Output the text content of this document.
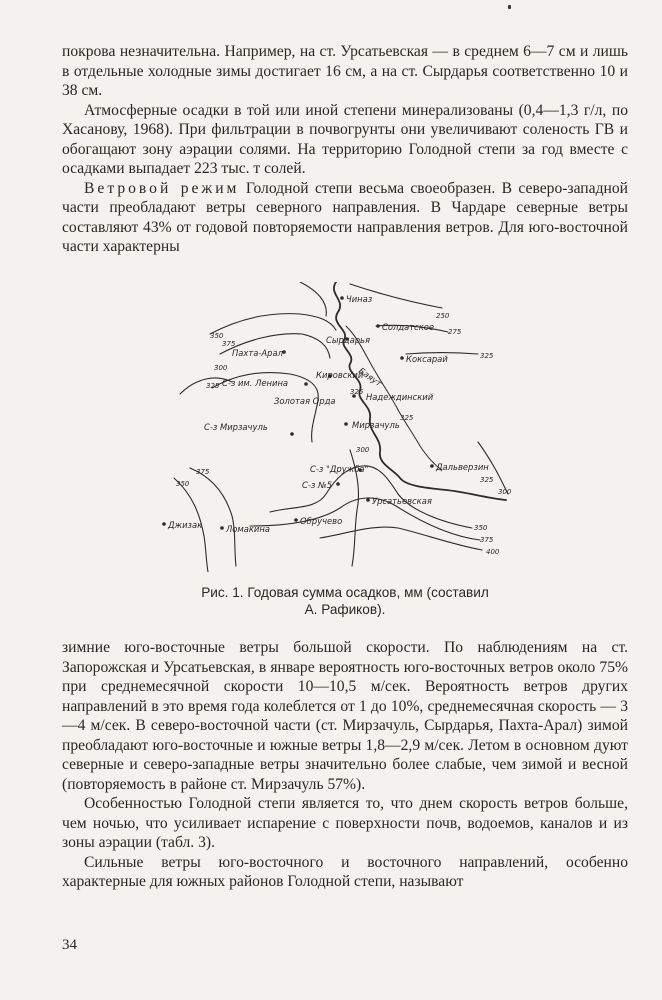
покрова незначительна. Например, на ст. Урсатьевская — в среднем 6—7 см и лишь в отдельные холодные зимы достигает 16 см, а на ст. Сырдарья соответственно 10 и 38 см.

Атмосферные осадки в той или иной степени минерализованы (0,4—1,3 г/л, по Хасанову, 1968). При фильтрации в почвогрунты они увеличивают соленость ГВ и обогащают зону аэрации солями. На территорию Голодной степи за год вместе с осадками выпадает 223 тыс. т солей.

Ветровой режим Голодной степи весьма своеобразен. В северо-западной части преобладают ветры северного направления. В Чардаре северные ветры составляют 43% от годовой повторяемости направления ветров. Для юго-восточной части характерны

Чиназ
Солдатское
Сырдарья
Пахта-Арал
Баяут
С-з им. Ленина
Кировский
Коксарай
Золотая Орда	Надеждинский
С-з Мирзачуль	Мирзачуль
С-з "Дружба"
С-з №5
Дальверзин
Джизак	Ломакина
Обручево
Урсатьевская
250
275
325
350
375
300
325
325
350
375
400
375
350
300
325
325
300
Рис. 1. Годовая сумма осадков, мм (составил
А. Рафиков).

зимние юго-восточные ветры большой скорости. По наблюдениям на ст. Запорожская и Урсатьевская, в январе вероятность юго-восточных ветров около 75% при среднемесячной скорости 10—10,5 м/сек. Вероятность ветров других направлений в это время года колеблется от 1 до 10%, среднемесячная скорость — 3—4 м/сек. В северо-восточной части (ст. Мирзачуль, Сырдарья, Пахта-Арал) зимой преобладают юго-восточные и южные ветры 1,8—2,9 м/сек. Летом в основном дуют северные и северо-западные ветры значительно более слабые, чем зимой и весной (повторяемость в районе ст. Мирзачуль 57%).

Особенностью Голодной степи является то, что днем скорость ветров больше, чем ночью, что усиливает испарение с поверхности почв, водоемов, каналов и из зоны аэрации (табл. 3).

Сильные ветры юго-восточного и восточного направлений, особенно характерные для южных районов Голодной степи, называют

34
